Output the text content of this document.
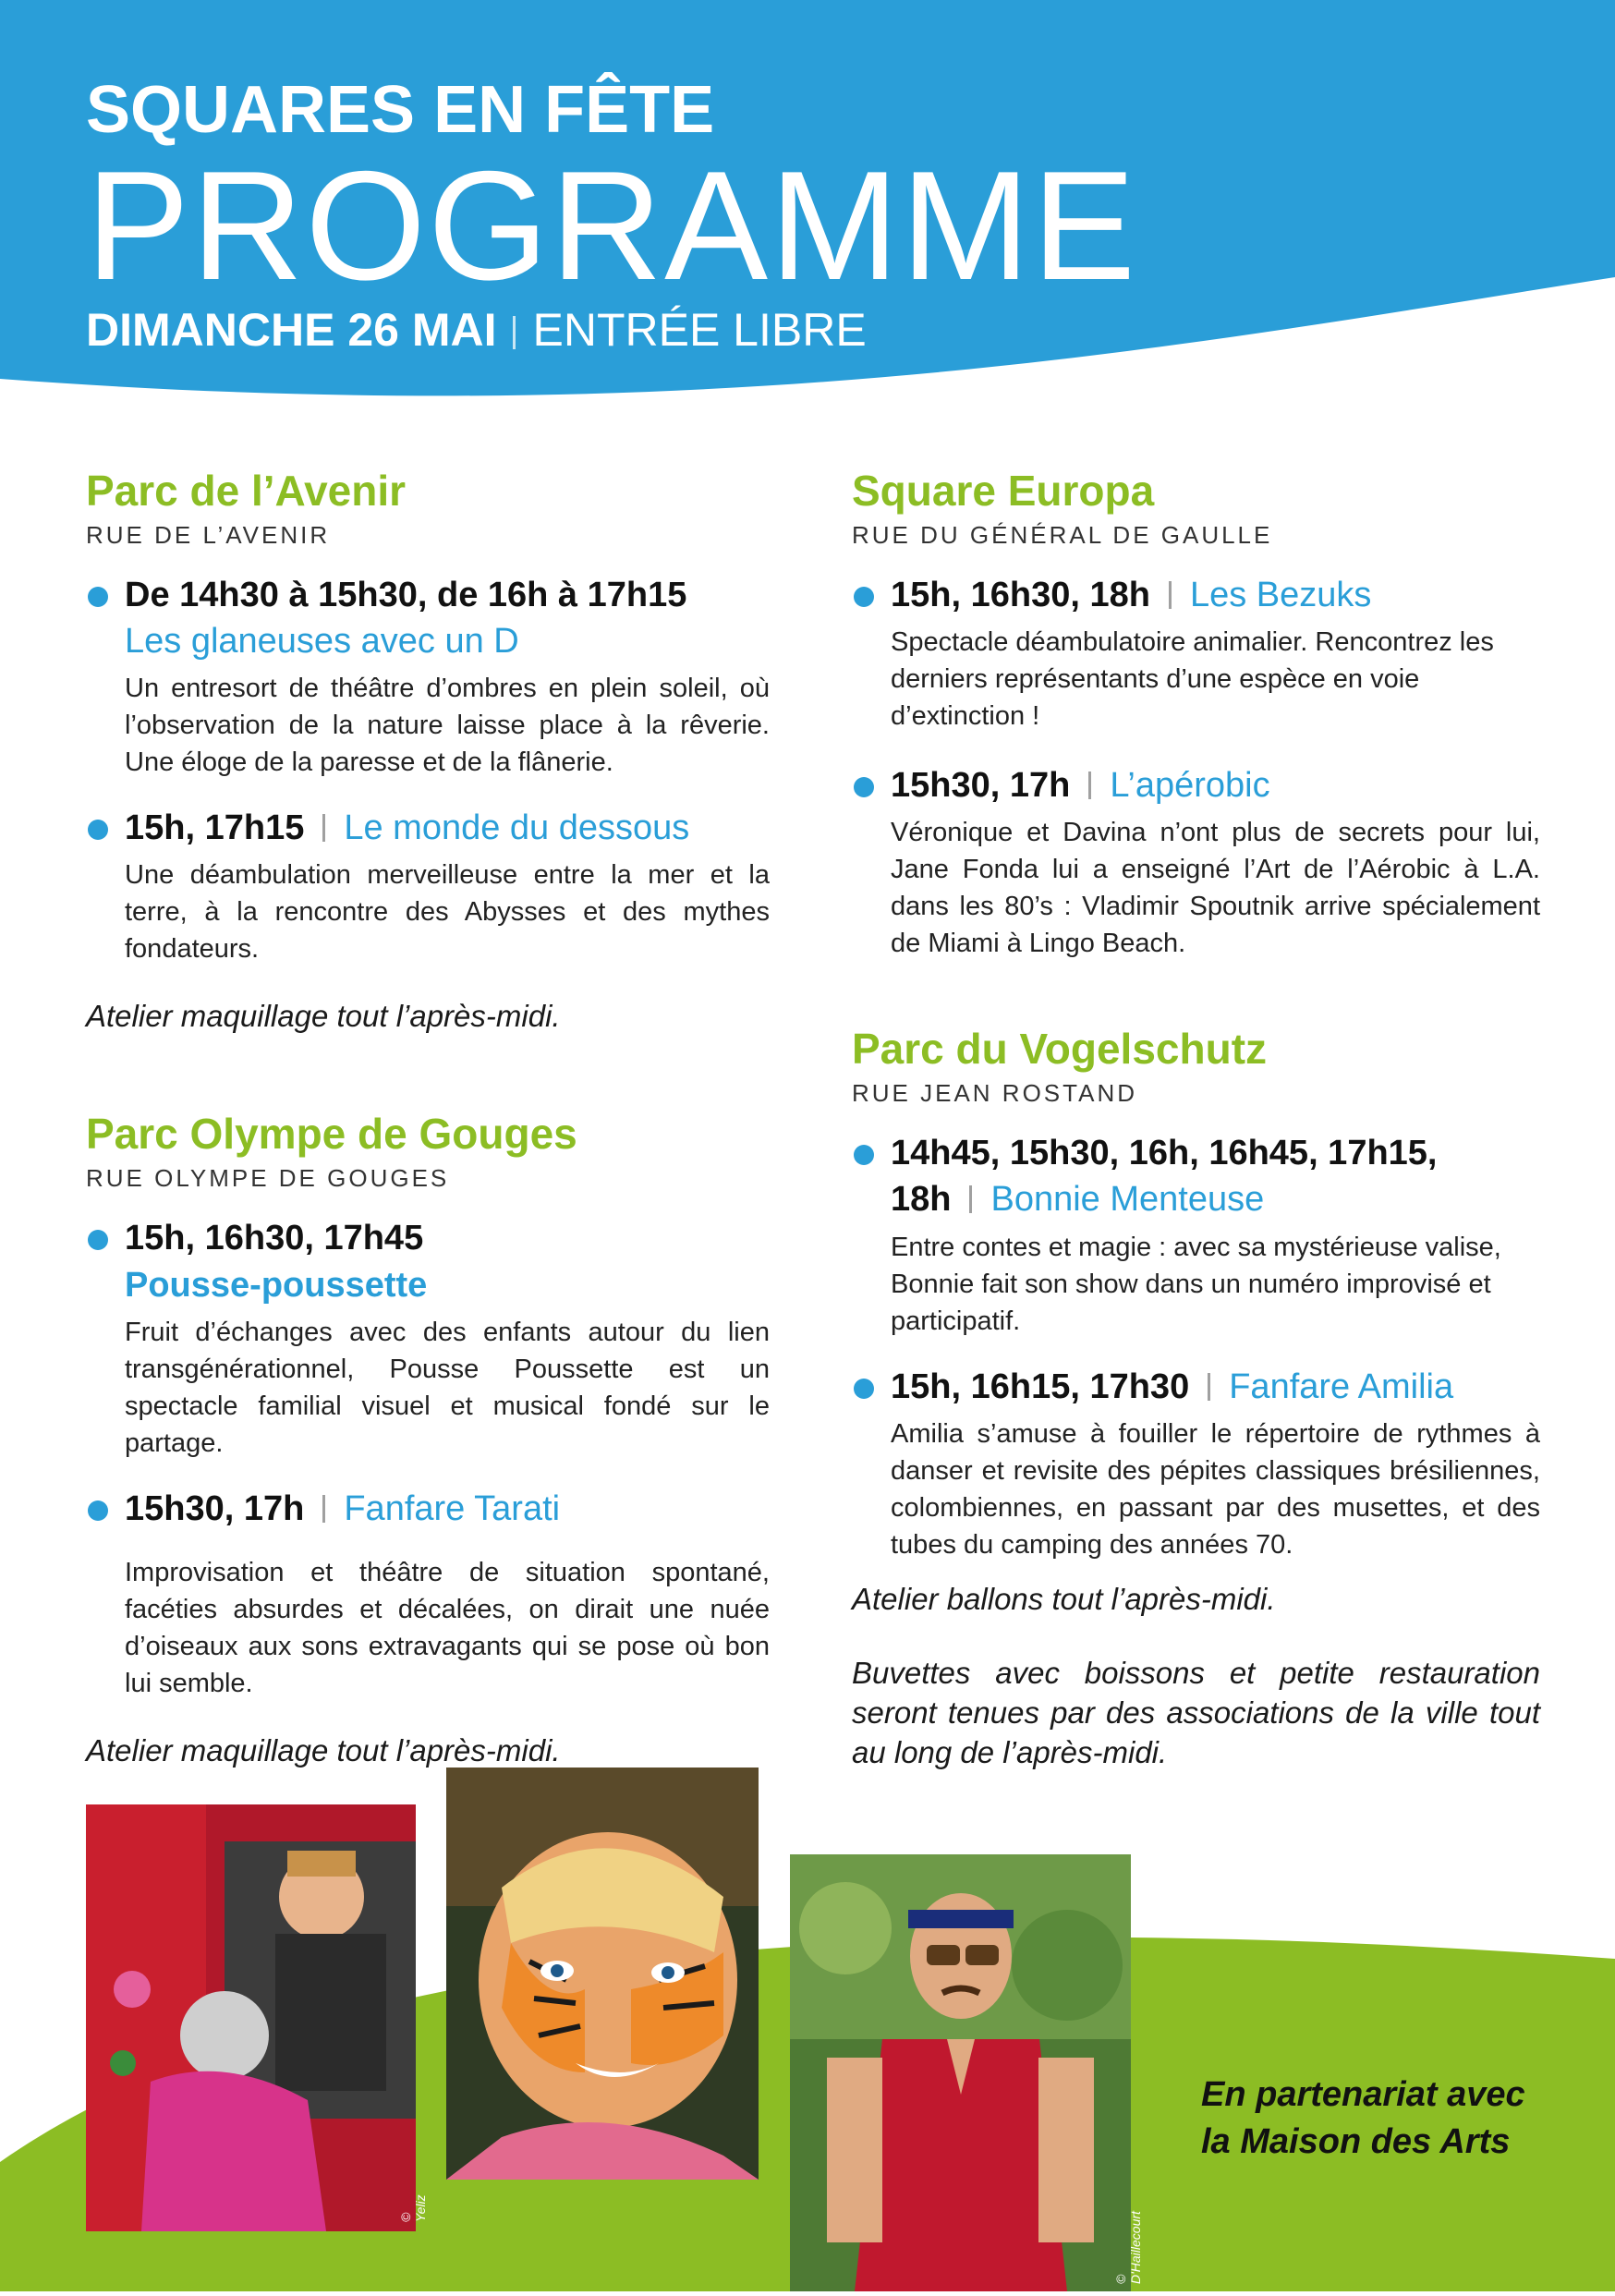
SQUARES EN FÊTE
PROGRAMME
DIMANCHE 26 MAI ENTRÉE LIBRE
Parc de l’Avenir
RUE DE L’AVENIR
De 14h30 à 15h30, de 16h à 17h15
Les glaneuses avec un D
Un entresort de théâtre d’ombres en plein soleil, où l’observation de la nature laisse place à la rêverie. Une éloge de la paresse et de la flânerie.
15h, 17h15 Le monde du dessous
Une déambulation merveilleuse entre la mer et la terre, à la rencontre des Abysses et des mythes fondateurs.
Atelier maquillage tout l’après-midi.
Parc Olympe de Gouges
RUE OLYMPE DE GOUGES
15h, 16h30, 17h45
Pousse-poussette
Fruit d’échanges avec des enfants autour du lien transgénérationnel, Pousse Poussette est un spectacle familial visuel et musical fondé sur le partage.
15h30, 17h Fanfare Tarati
Improvisation et théâtre de situation spontané, facéties absurdes et décalées, on dirait une nuée d’oiseaux aux sons extravagants qui se pose où bon lui semble.
Atelier maquillage tout l’après-midi.
Square Europa
RUE DU GÉNÉRAL DE GAULLE
15h, 16h30, 18h Les Bezuks
Spectacle déambulatoire animalier. Rencontrez les derniers représentants d’une espèce en voie d’extinction !
15h30, 17h L’apérobic
Véronique et Davina n’ont plus de secrets pour lui, Jane Fonda lui a enseigné l’Art de l’Aérobic à L.A. dans les 80’s : Vladimir Spoutnik arrive spécialement de Miami à Lingo Beach.
Parc du Vogelschutz
RUE JEAN ROSTAND
14h45, 15h30, 16h, 16h45, 17h15,
18h Bonnie Menteuse
Entre contes et magie : avec sa mystérieuse valise, Bonnie fait son show dans un numéro improvisé et participatif.
15h, 16h15, 17h30 Fanfare Amilia
Amilia s’amuse à fouiller le répertoire de rythmes à danser et revisite des pépites classiques brésiliennes, colombiennes, en passant par des musettes, et des tubes du camping des années 70.
Atelier ballons tout l’après-midi.
Buvettes avec boissons et petite restauration seront tenues par des associations de la ville tout au long de l’après-midi.
© Yeliz
© D'Haillecourt
En partenariat avec
la Maison des Arts
